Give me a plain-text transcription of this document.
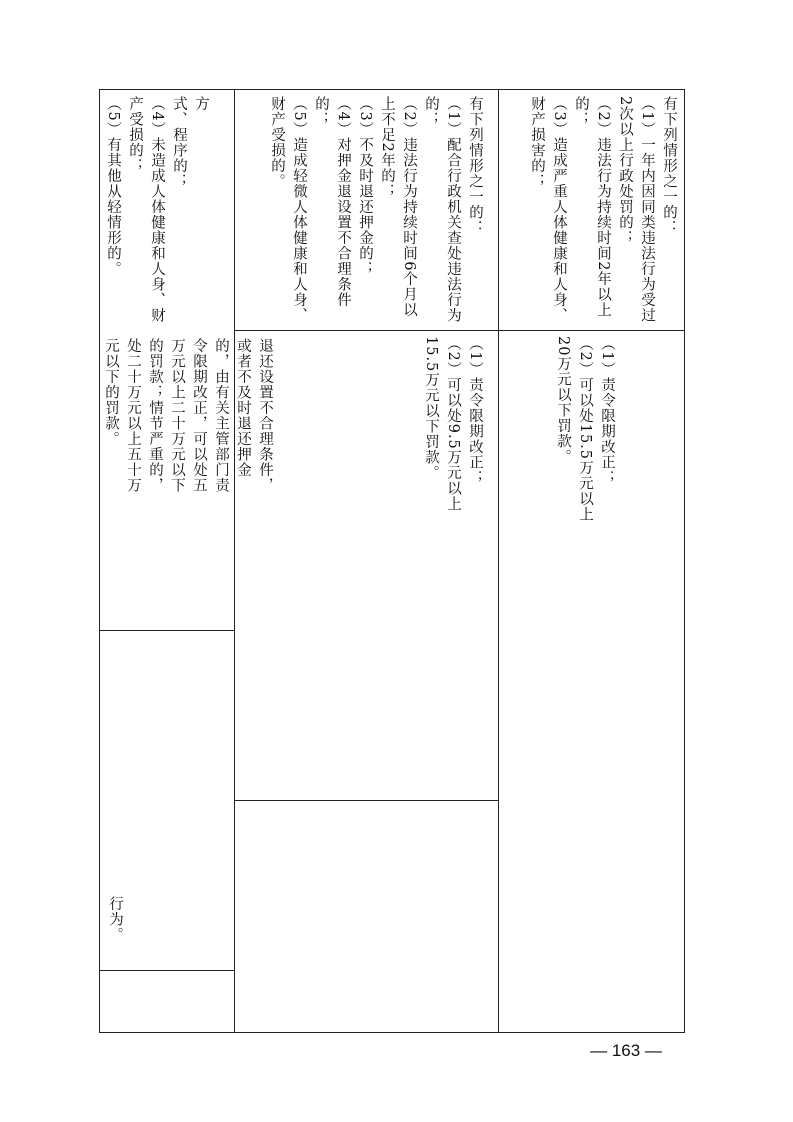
方
式、程序的；
（4）未造成人体健康和人身、财
产受损的；
（5）有其他从轻情形的。	有下列情形之一的：
（1）配合行政机关查处违法行为
的；
（2）违法行为持续时间6个月以
上不足2年的；
（3）不及时退还押金的；
（4）对押金退设置不合理条件
的；
（5）造成轻微人体健康和人身、
财产受损的。
（1）责令限期改正；
（2）可以处9.5万元以上
15.5万元以下罚款。
有下列情形之一的：
（1）一年内因同类违法行为受过
2次以上行政处罚的；
（2）违法行为持续时间2年以上
的；
（3）造成严重人体健康和人身、
财产损害的；
（1）责令限期改正；
（2）可以处15.5万元以上
20万元以下罚款。
退还设置不合理条件，
或者不及时退还押金
的，由有关主管部门责
令限期改正，可以处五
万元以上二十万元以下
的罚款；情节严重的，
处二十万元以上五十万
元以下的罚款。
行为。
— 163 —
